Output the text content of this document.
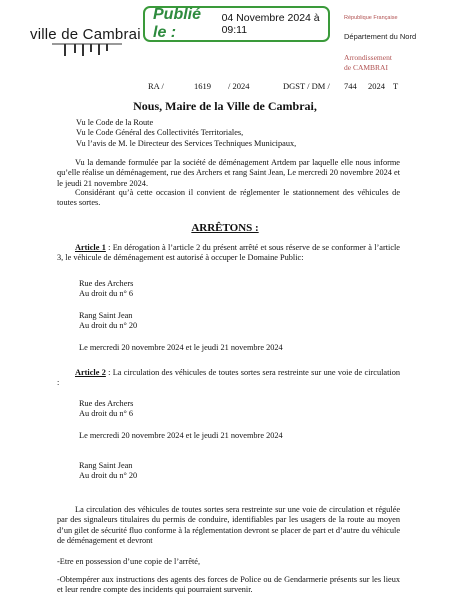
ville de Cambrai
Publié le :
04 Novembre 2024 à 09:11
République Française
Département du Nord
Arrondissement
de CAMBRAI
RA /	1619 / 2024	DGST / DM / 744 2024 T
Nous, Maire de la Ville de Cambrai,
Vu le Code de la Route
Vu le Code Général des Collectivités Territoriales,
Vu l’avis de M. le Directeur des Services Techniques Municipaux,
Vu la demande formulée par la société de déménagement Artdem par laquelle elle nous informe qu’elle réalise un déménagement, rue des Archers et rang Saint Jean, Le mercredi 20 novembre 2024 et le jeudi 21 novembre 2024.
Considérant qu’à cette occasion il convient de réglementer le stationnement des véhicules de toutes sortes.
ARRÊTONS :
Article 1 : En dérogation à l’article 2 du présent arrêté et sous réserve de se conformer à l’article 3, le véhicule de déménagement est autorisé à occuper le Domaine Public:
Rue des Archers
Au droit du n° 6
Rang Saint Jean
Au droit du n° 20
Le mercredi 20 novembre 2024 et le jeudi 21 novembre 2024
Article 2 : La circulation des véhicules de toutes sortes sera restreinte sur une voie de circulation :
Rue des Archers
Au droit du n° 6
Le mercredi 20 novembre 2024 et le jeudi 21 novembre 2024
Rang Saint Jean
Au droit du n° 20
La circulation des véhicules de toutes sortes sera restreinte sur une voie de circulation et régulée par des signaleurs titulaires du permis de conduire, identifiables par les usagers de la route au moyen d’un gilet de sécurité fluo conforme à la réglementation devront se placer de part et d’autre du véhicule de déménagement et devront
-Etre en possession d’une copie de l’arrêté,
-Obtempérer aux instructions des agents des forces de Police ou de Gendarmerie présents sur les lieux et leur rendre compte des incidents qui pourraient survenir.
